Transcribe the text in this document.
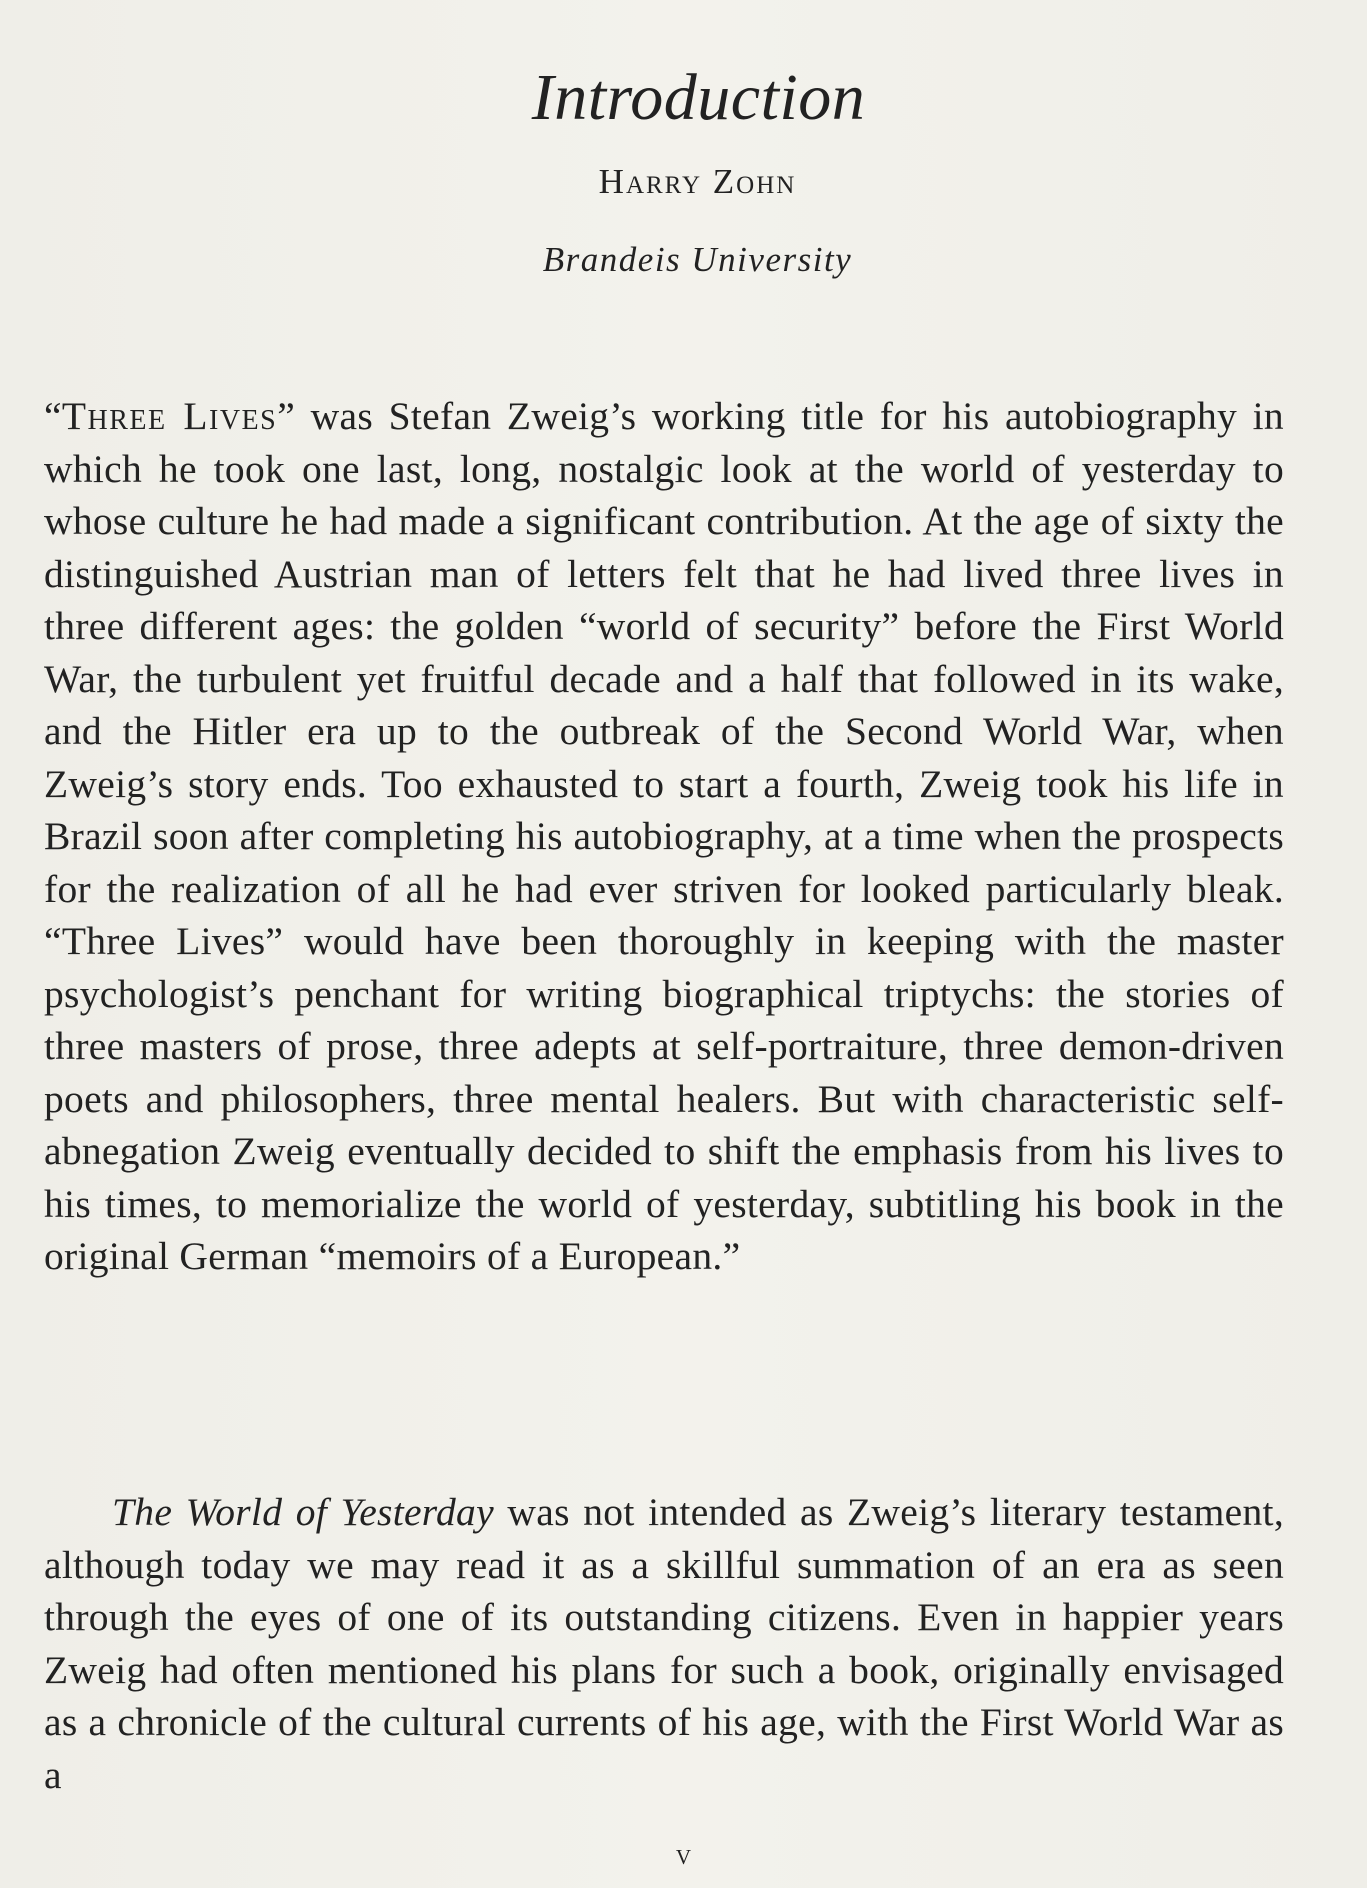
Introduction
Harry Zohn
Brandeis University

“Three Lives” was Stefan Zweig’s working title for his autobiography in which he took one last, long, nostalgic look at the world of yesterday to whose culture he had made a significant contribution. At the age of sixty the distinguished Austrian man of letters felt that he had lived three lives in three different ages: the golden “world of security” before the First World War, the turbulent yet fruitful decade and a half that followed in its wake, and the Hitler era up to the outbreak of the Second World War, when Zweig’s story ends. Too exhausted to start a fourth, Zweig took his life in Brazil soon after completing his autobiography, at a time when the prospects for the realization of all he had ever striven for looked particularly bleak. “Three Lives” would have been thoroughly in keeping with the master psychologist’s penchant for writing biographical triptychs: the stories of three masters of prose, three adepts at self-portraiture, three demon-driven poets and philosophers, three mental healers. But with characteristic self-abnegation Zweig eventually decided to shift the emphasis from his lives to his times, to memorialize the world of yesterday, subtitling his book in the original German “memoirs of a European.”

The World of Yesterday was not intended as Zweig’s literary testament, although today we may read it as a skillful summation of an era as seen through the eyes of one of its outstanding citizens. Even in happier years Zweig had often mentioned his plans for such a book, originally envisaged as a chronicle of the cultural currents of his age, with the First World War as a

v
